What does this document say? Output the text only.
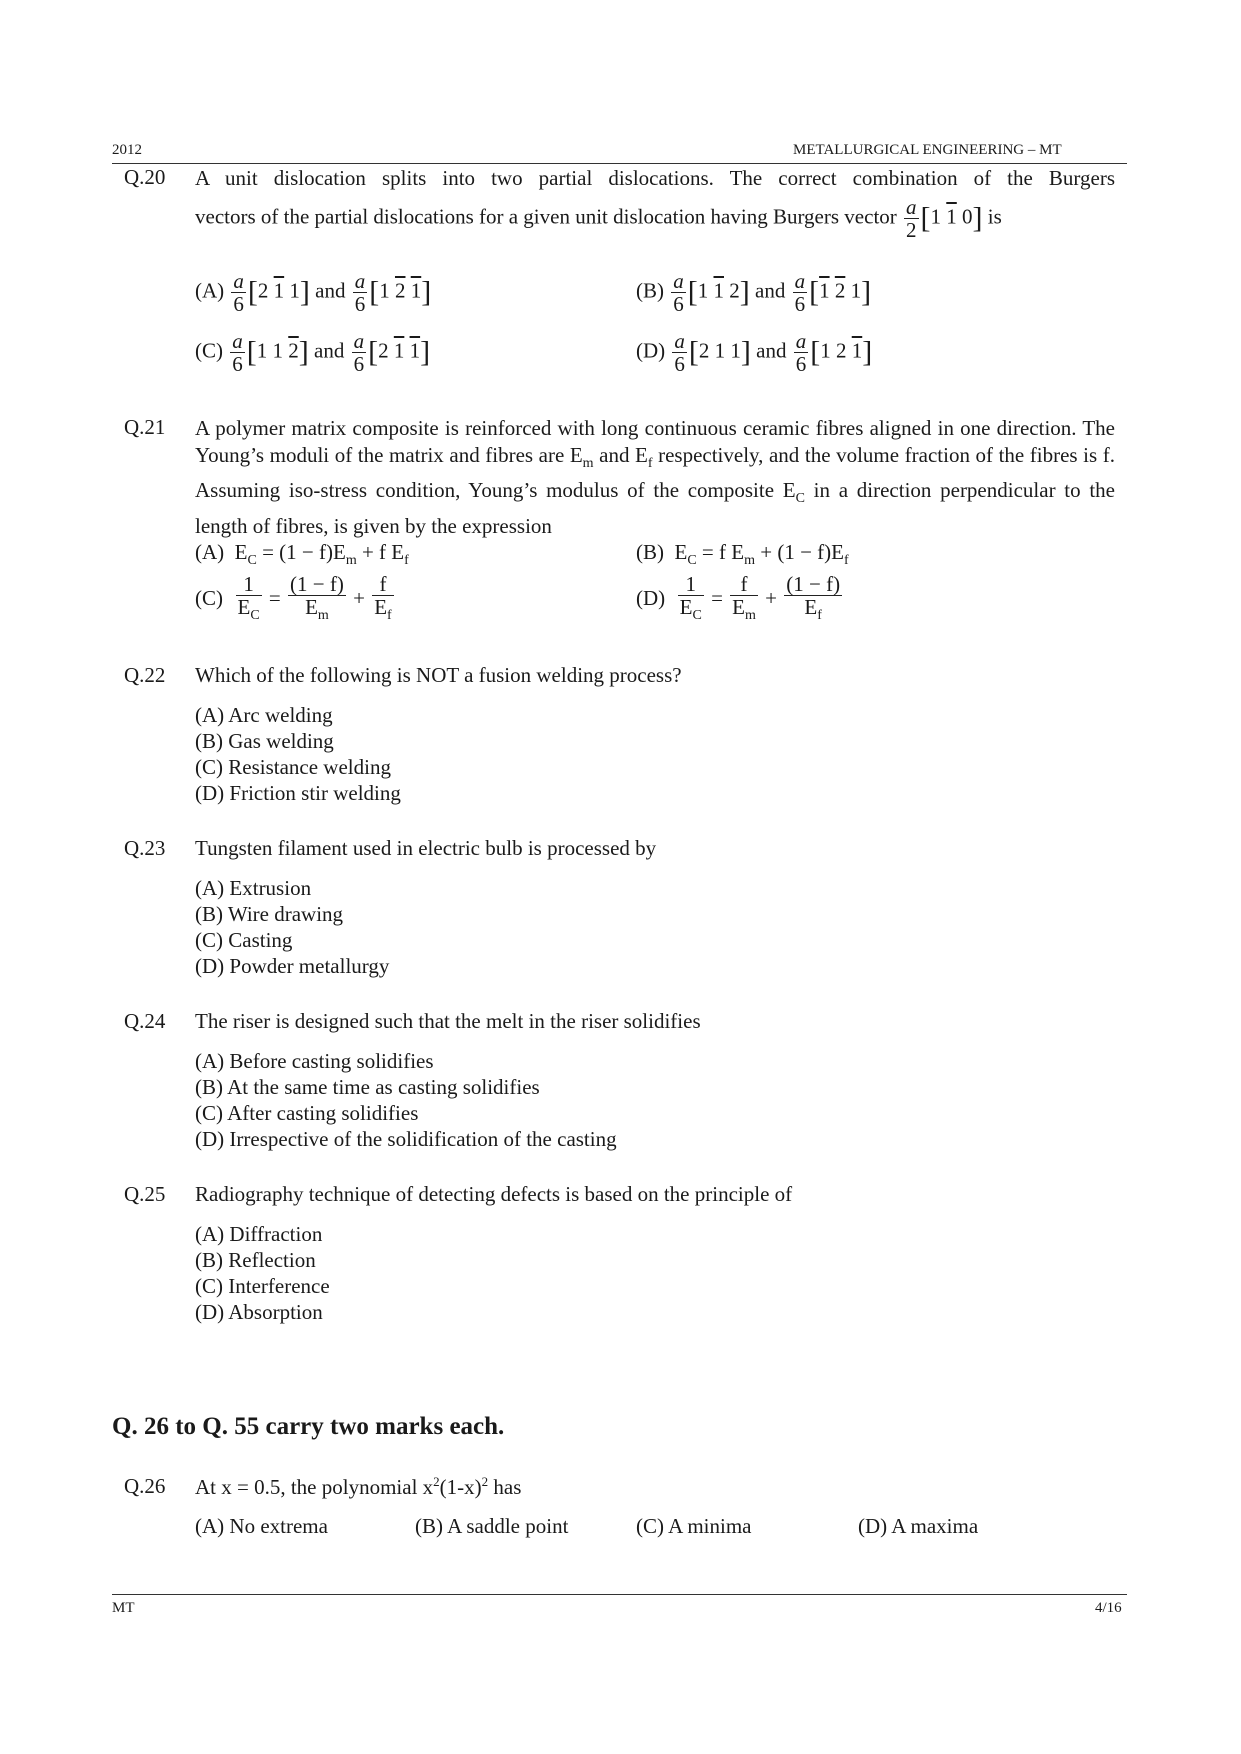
2012	METALLURGICAL ENGINEERING – MT
Q.20 A unit dislocation splits into two partial dislocations. The correct combination of the Burgers
vectors of the partial dislocations for a given unit dislocation having Burgers vector $\frac{a}{2} [1$ 1 0] is
$(A) \frac{a}{6} [2$ 1 1] and $\frac{a}{6} [1$ 2 1]	$(B) \frac{a}{6} [1$ 1 2] and $\frac{a}{6} [1$ 2 1]
$(C) \frac{a}{6} [1$ 1 2] and $\frac{a}{6} [2$ 1 1]	$(D) \frac{a}{6} [2$ 1 1] and $\frac{a}{6} [1$ 2 1]
Q.21 A polymer matrix composite is reinforced with long continuous ceramic fibres aligned in one direction. The Young’s moduli of the matrix and fibres are $E_m$ and $E_f$ respectively, and the volume fraction of the fibres is f. Assuming iso-stress condition, Young’s modulus of the composite $E_C$ in a direction perpendicular to the length of fibres, is given by the expression
(A)  $E_C = (1 - f)E_m + f$ $E_f$	(B)  $E_C = f$ $E_m + (1 - f)E_f$
$(C) \frac{1}{E_C} = \frac{(1 - f)}{E_m} + \frac{f}{E_f}$	$(D) \frac{1}{E_C} = \frac{f}{E_m} + \frac{(1 - f)}{E_f}$
Q.22 Which of the following is NOT a fusion welding process?
(A) Arc welding
(B) Gas welding
(C) Resistance welding
(D) Friction stir welding
Q.23 Tungsten filament used in electric bulb is processed by
(A) Extrusion
(B) Wire drawing
(C) Casting
(D) Powder metallurgy
Q.24 The riser is designed such that the melt in the riser solidifies
(A) Before casting solidifies
(B) At the same time as casting solidifies
(C) After casting solidifies
(D) Irrespective of the solidification of the casting
Q.25 Radiography technique of detecting defects is based on the principle of
(A) Diffraction
(B) Reflection
(C) Interference
(D) Absorption
Q. 26 to Q. 55 carry two marks each.
Q.26 At x = 0.5, the polynomial $x^2(1-x)^2$ has
(A) No extrema	(B) A saddle point	(C) A minima	(D) A maxima
MT	4/16
